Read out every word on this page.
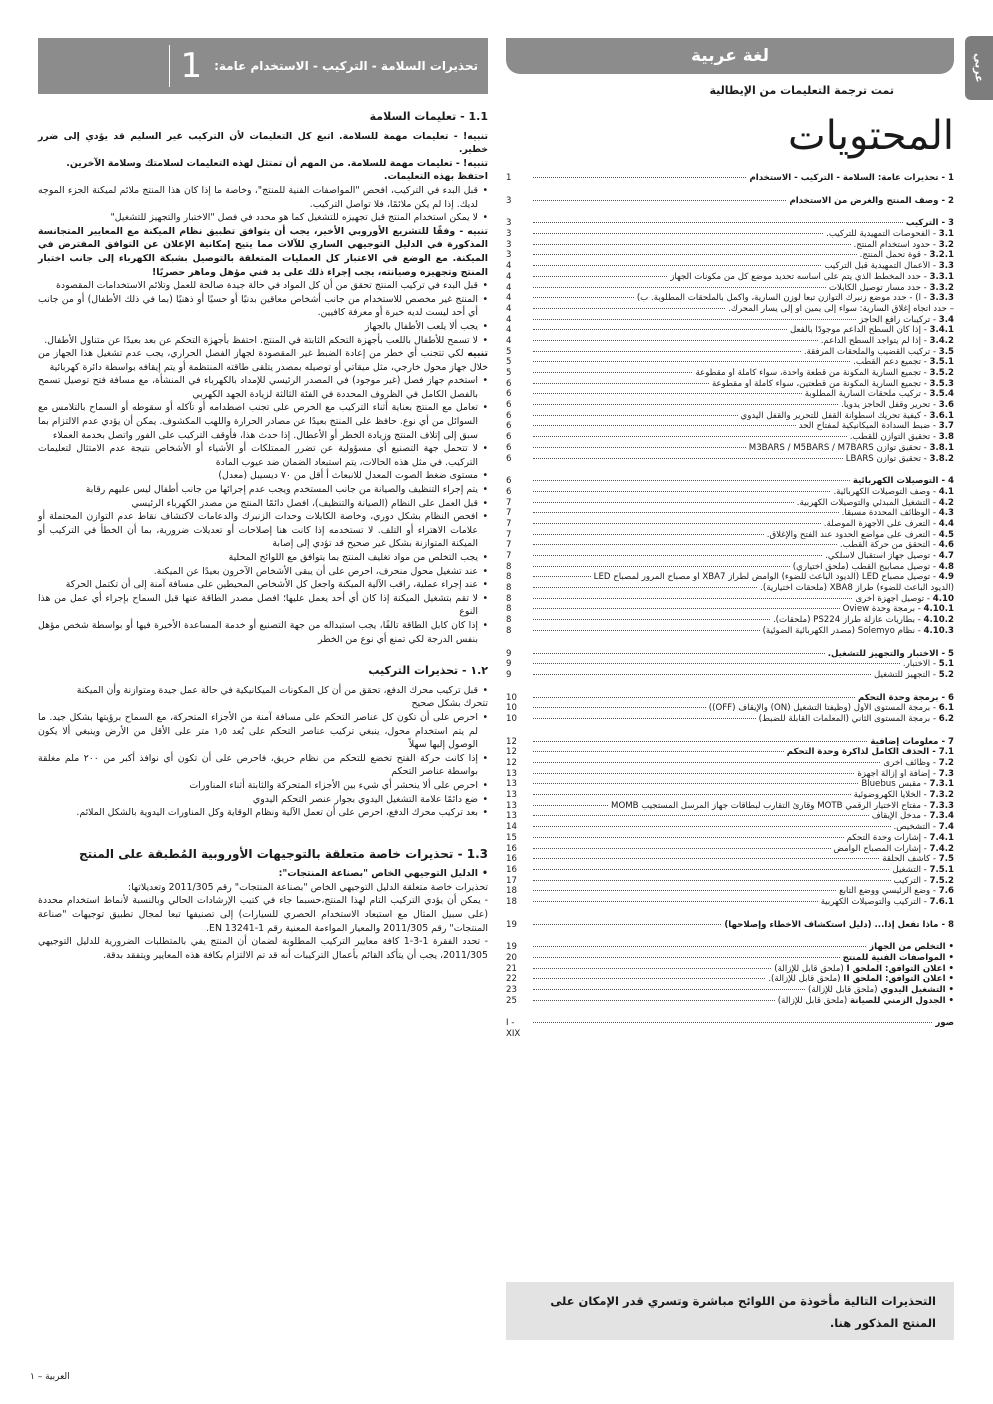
عربي
لغة عربية
تمت ترجمة التعليمات من الإيطالية
المحتويات
1 - تحذيرات عامة: السلامة - التركيب - الاستخدام
1
2 - وصف المنتج والغرض من الاستخدام
3
3 - التركيب
3
3.1 - الفحوصات التمهيدية للتركيب.
3
3.2 - حدود استخدام المنتج.
3
3.2.1 - قوة تحمل المنتج.
3
3.3 - الأعمال التمهيدية قبل التركيب
4
3.3.1 - حدد المخطط الذي يتم على أساسه تحديد موضع كل من مكونات الجهاز
4
3.3.2 - حدد مسار توصيل الكابلات
4
3.3.3 - أ) - حدد موضع زنبرك التوازن تبعاً لوزن السارية، وأكمل بالملحقات المطلوبة. ب)
4
– حدد اتجاه إغلاق السارية: سواء إلى يمين أو إلى يسار المحرك.
4
3.4 - تركيبات رافع الحاجز
4
3.4.1 - إذا كان السطح الداعم موجودًا بالفعل
4
3.4.2 - إذا لم يتواجد السطح الداعم.
4
3.5 - تركيب القضيب والملحقات المرفقة.
5
3.5.1 - تجميع دعم القطب.
5
3.5.2 - تجميع السارية المكونة من قطعة واحدة، سواء كاملة أو مقطوعة
5
3.5.3 - تجميع السارية المكونة من قطعتين، سواء كاملة أو مقطوعة
6
3.5.4 - تركيب ملحقات السارية المطلوبة
6
3.6 - تحرير وقفل الحاجز يدوياً.
6
3.6.1 - كيفية تحريك اسطوانة القفل للتحرير والقفل اليدوي
6
3.7 - ضبط السدادة الميكانيكية لمفتاح الحد
6
3.8 - تحقيق التوازن للقطب.
6
3.8.1 - تحقيق توازن M3BARS / M5BARS / M7BARS
6
3.8.2 - تحقيق توازن LBARS
6
4 - التوصيلات الكهربائية
6
4.1 - وصف التوصيلات الكهربائية.
6
4.2 - التشغيل المبدئي والتوصيلات الكهربية.
7
4.3 - الوظائف المحددة مسبقاً.
7
4.4 - التعرف على الأجهزة الموصلة.
7
4.5 - التعرف على مواضع الحدود عند الفتح والإغلاق.
7
4.6 - التحقق من حركة القطب.
7
4.7 - توصيل جهاز استقبال لاسلكي.
7
4.8 - توصيل مصابيح القطب (ملحق اختياري)
8
4.9 - توصيل مصباح LED (الديود الباعث للضوء) الوامض لطراز XBA7 أو مصباح المرور لمصباح LED
8
(الديود الباعث للضوء) طراز XBA8 (ملحقات اختيارية).
8
4.10 - توصيل أجهزة أخرى
8
4.10.1 - برمجة وحدة Oview
8
4.10.2 - بطاريات عازلة طراز PS224 (ملحقات).
8
4.10.3 - نظام Solemyo (مصدر الكهربائية الضوئية)
8
5 - الاختبار والتجهيز للتشغيل.
9
5.1 - الاختبار.
9
5.2 - التجهيز للتشغيل
9
6 - برمجة وحدة التحكم
10
6.1 - برمجة المستوى الأول (وظيفتا التشغيل (ON) والإيقاف (OFF))
10
6.2 - برمجة المستوى الثاني (المعلمات القابلة للضبط)
10
7 - معلومات إضافية
12
7.1 - الحذف الكامل لذاكرة وحدة التحكم
12
7.2 - وظائف أخرى
12
7.3 - إضافة أو إزالة أجهزة
13
7.3.1 - مقبس Bluebus
13
7.3.2 - الخلايا الكهروضوئية
13
7.3.3 - مفتاح الاختيار الرقمي MOTB وقارئ التقارب لبطاقات جهاز المرسل المستجيب MOMB
13
7.3.4 - مدخل الإيقاف
13
7.4 - التشخيص.
14
7.4.1 - إشارات وحدة التحكم
15
7.4.2 - إشارات المصباح الوامض
16
7.5 - كاشف الحلقة
16
7.5.1 - التشغيل
16
7.5.2 - التركيب
17
7.6 - وضع الرئيسي ووضع التابع
18
7.6.1 - التركيب والتوصيلات الكهربية
18
8 - ماذا تفعل إذا... (دليل استكشاف الأخطاء وإصلاحها)
19
• التخلص من الجهاز
19
• المواصفات الفنية للمنتج
20
• اعلان التوافق: الملحق I (ملحق قابل للإزالة)
21
• اعلان التوافق: الملحق II (ملحق قابل للإزالة).
22
• التشغيل اليدوي (ملحق قابل للإزالة)
23
• الجدول الزمني للصيانة (ملحق قابل للإزالة)
25
صور
I - XIX
التحذيرات التالية مأخوذة من اللوائح مباشرة وتسري قدر الإمكان على المنتج المذكور هنا.
تحذيرات السلامة - التركيب - الاستخدام عامة:
1
1.1 - تعليمات السلامة

تنبيه! - تعليمات مهمة للسلامة. اتبع كل التعليمات لأن التركيب غير السليم قد يؤدي إلى ضرر خطير.

تنبيه! - تعليمات مهمة للسلامة. من المهم أن تمتثل لهذه التعليمات لسلامتك وسلامة الآخرين.

احتفظ بهذه التعليمات.

• قبل البدء في التركيب، افحص "المواصفات الفنية للمنتج"، وخاصة ما إذا كان هذا المنتج ملائم لميكنة الجزء الموجه لديك. إذا لم يكن ملائمًا، فلا تواصل التركيب.
• لا يمكن استخدام المنتج قبل تجهيزه للتشغيل كما هو محدد في فصل "الاختبار والتجهيز للتشغيل"

تنبيه - وفقًا للتشريع الأوروبي الأخير، يجب أن يتوافق تطبيق نظام الميكنة مع المعايير المتجانسة المذكورة في الدليل التوجيهي الساري للآلات مما يتيح إمكانية الإعلان عن التوافق المفترض في الميكنة. مع الوضع في الاعتبار كل العمليات المتعلقة بالتوصيل بشبكة الكهرباء إلى جانب اختبار المنتج وتجهيزه وصيانته، يجب إجراء ذلك على يد فني مؤهل وماهر حصريًا!

• قبل البدء في تركيب المنتج تحقق من أن كل المواد في حالة جيدة صالحة للعمل وتلائم الاستخدامات المقصودة
• المنتج غير مخصص للاستخدام من جانب أشخاص معاقين بدنيًا أو حسيًا أو ذهنيًا (بما في ذلك الأطفال) أو من جانب أي أحد ليست لديه خبرة أو معرفة كافيين.
• يجب ألا يلعب الأطفال بالجهاز
• لا تسمح للأطفال باللعب بأجهزة التحكم الثابتة في المنتج. احتفظ بأجهزة التحكم عن بعد بعيدًا عن متناول الأطفال.

تنبيه لكي تتجنب أي خطر من إعادة الضبط غير المقصودة لجهاز الفصل الحراري، يجب عدم تشغيل هذا الجهاز من خلال جهاز محول خارجي، مثل ميقاتي أو توصيله بمصدر يتلقى طاقته المنتظمة أو يتم إيقافه بواسطة دائرة كهربائية

• استخدم جهاز فصل (غير موجود) في المصدر الرئيسي للإمداد بالكهرباء في المنشأة، مع مسافة فتح توصيل تسمح بالفصل الكامل في الظروف المحددة في الفئة الثالثة لزيادة الجهد الكهربي
• تعامل مع المنتج بعناية أثناء التركيب مع الحرص على تجنب اصطدامه أو تآكله أو سقوطه أو السماح بالتلامس مع السوائل من أي نوع. حافظ على المنتج بعيدًا عن مصادر الحرارة واللهب المكشوف. يمكن أن يؤدي عدم الالتزام بما سبق إلى إتلاف المنتج وزيادة الخطر أو الأعطال. إذا حدث هذا، فأوقف التركيب على الفور واتصل بخدمة العملاء
• لا تتحمل جهة التصنيع أي مسؤولية عن تضرر الممتلكات أو الأشياء أو الأشخاص نتيجة عدم الامتثال لتعليمات التركيب. في مثل هذه الحالات، يتم استبعاد الضمان ضد عيوب المادة
• مستوى ضغط الصوت المعدل للانبعاث أ أقل من ٧٠ ديسيبل (معدل)
• يتم إجراء التنظيف والصيانة من جانب المستخدم ويجب عدم إجرائها من جانب أطفال ليس عليهم رقابة
• قبل العمل على النظام (الصيانة والتنظيف)، افصل دائمًا المنتج من مصدر الكهرباء الرئيسي
• افحص النظام بشكل دوري، وخاصة الكابلات وحدات الزنبرك والدعامات لاكتشاف نقاط عدم التوازن المحتملة أو علامات الاهتراء أو التلف. لا تستخدمه إذا كانت هنا إصلاحات أو تعديلات ضرورية، بما أن الخطأ في التركيب أو الميكنة المتوازنة بشكل غير صحيح قد تؤدي إلى إصابة
• يجب التخلص من مواد تغليف المنتج بما يتوافق مع اللوائح المحلية
• عند تشغيل محول منحرف، احرص على أن يبقى الأشخاص الآخرون بعيدًا عن الميكنة.
• عند إجراء عملية، راقب الآلية الميكنة واجعل كل الأشخاص المحيطين على مسافة آمنة إلى أن تكتمل الحركة
• لا تقم بتشغيل الميكنة إذا كان أي أحد يعمل عليها؛ افصل مصدر الطاقة عنها قبل السماح بإجراء أي عمل من هذا النوع
• إذا كان كابل الطاقة تالفًا، يجب استبداله من جهة التصنيع أو خدمة المساعدة الأخيرة فيها أو بواسطة شخص مؤهل بنفس الدرجة لكي تمنع أي نوع من الخطر
١.٢ - تحذيرات التركيب
• قبل تركيب محرك الدفع، تحقق من أن كل المكونات الميكانيكية في حالة عمل جيدة ومتوازنة وأن الميكنة

تتحرك بشكل صحيح

• احرص على أن تكون كل عناصر التحكم على مسافة آمنة من الأجزاء المتحركة، مع السماح برؤيتها بشكل جيد. ما لم يتم استخدام محول، ينبغي تركيب عناصر التحكم على بُعد ١٫٥ متر على الأقل من الأرض وينبغي ألا يكون الوصول إليها سهلاً
• إذا كانت حركة الفتح تخضع للتحكم من نظام حريق، فاحرص على أن تكون أي نوافذ أكبر من ٢٠٠ ملم مغلقة بواسطة عناصر التحكم
• احرص على ألا ينحشر أي شيء بين الأجزاء المتحركة والثابتة أثناء المناورات
• ضع دائمًا علامة التشغيل اليدوي بجوار عنصر التحكم اليدوي
• بعد تركيب محرك الدفع، احرص على أن تعمل الآلية ونظام الوقاية وكل المناورات اليدوية بالشكل الملائم.
1.3 - تحذيرات خاصة متعلقة بالتوجيهات الأوروبية المُطبقة على المنتج
• الدليل التوجيهي الخاص "بصناعة المنتجات":

تحذيرات خاصة متعلقة الدليل التوجيهي الخاص "بصناعة المنتجات" رقم 2011/305 وتعديلاتها:

- يمكن أن يؤدي التركيب التام لهذا المنتج،حسبما جاء في كتيب الإرشادات الحالي وبالنسبة لأنماط استخدام محددة (على سبيل المثال مع استبعاد الاستخدام الحصري للسيارات) إلى تصنيفها تبعا لمجال تطبيق توجيهات "صناعة المنتجات" رقم 2011/305 والمعيار المواءمة المعنية رقم EN 13241-1.

- تحدد الفقرة 1-3-1 كافة معايير التركيب المطلوبة لضمان أن المنتج يفي بالمتطلبات الضرورية للدليل التوجيهي 2011/305، يجب أن يتأكد القائم بأعمال التركيبات أنه قد تم الالتزام بكافة هذه المعايير ويتفقد بدقة.

العربية – ١
